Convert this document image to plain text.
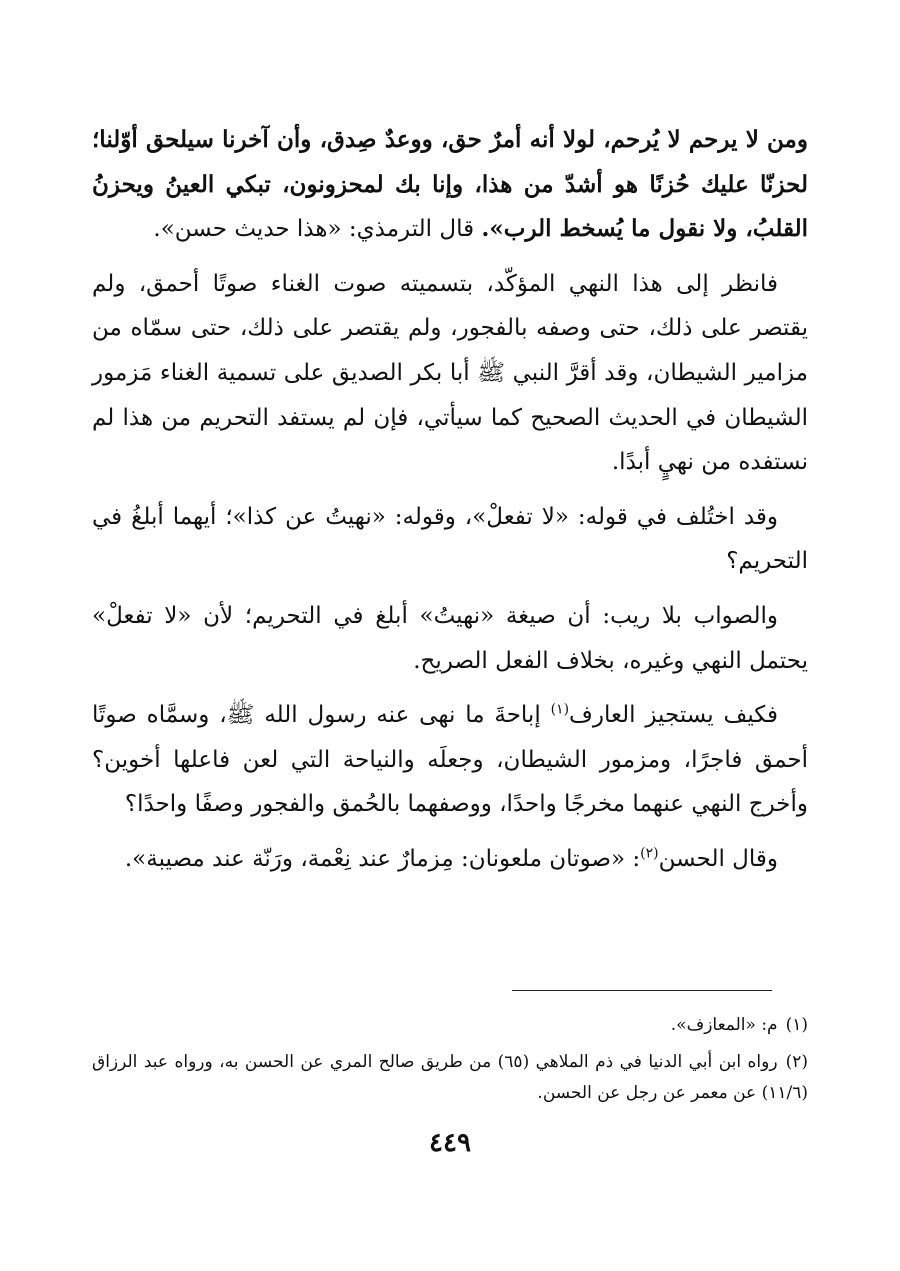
ومن لا يرحم لا يُرحم، لولا أنه أمرٌ حق، ووعدٌ صِدق، وأن آخرنا سيلحق أوّلنا؛ لحزنّا عليك حُزنًا هو أشدّ من هذا، وإنا بك لمحزونون، تبكي العينُ ويحزنُ القلبُ، ولا نقول ما يُسخط الرب». قال الترمذي: «هذا حديث حسن».

فانظر إلى هذا النهي المؤكّد، بتسميته صوت الغناء صوتًا أحمق، ولم يقتصر على ذلك، حتى وصفه بالفجور، ولم يقتصر على ذلك، حتى سمّاه من مزامير الشيطان، وقد أقرَّ النبي ﷺ أبا بكر الصديق على تسمية الغناء مَزمور الشيطان في الحديث الصحيح كما سيأتي، فإن لم يستفد التحريم من هذا لم نستفده من نهيٍ أبدًا.

وقد اختُلف في قوله: «لا تفعلْ»، وقوله: «نهيتُ عن كذا»؛ أيهما أبلغُ في التحريم؟

والصواب بلا ريب: أن صيغة «نهيتُ» أبلغ في التحريم؛ لأن «لا تفعلْ» يحتمل النهي وغيره، بخلاف الفعل الصريح.

فكيف يستجيز العارف$^{(١)}$ إباحةَ ما نهى عنه رسول الله ﷺ، وسمَّاه صوتًا أحمق فاجرًا، ومزمور الشيطان، وجعلَه والنياحة التي لعن فاعلها أخوين؟ وأخرج النهي عنهما مخرجًا واحدًا، ووصفهما بالحُمق والفجور وصفًا واحدًا؟

وقال الحسن$^{(٢)}$: «صوتان ملعونان: مِزمارٌ عند نِعْمة، ورَنّة عند مصيبة».

(١)م: «المعازف».
(٢)رواه ابن أبي الدنيا في ذم الملاهي (٦٥) من طريق صالح المري عن الحسن به، ورواه عبد الرزاق (١١/٦) عن معمر عن رجل عن الحسن.
٤٤٩
